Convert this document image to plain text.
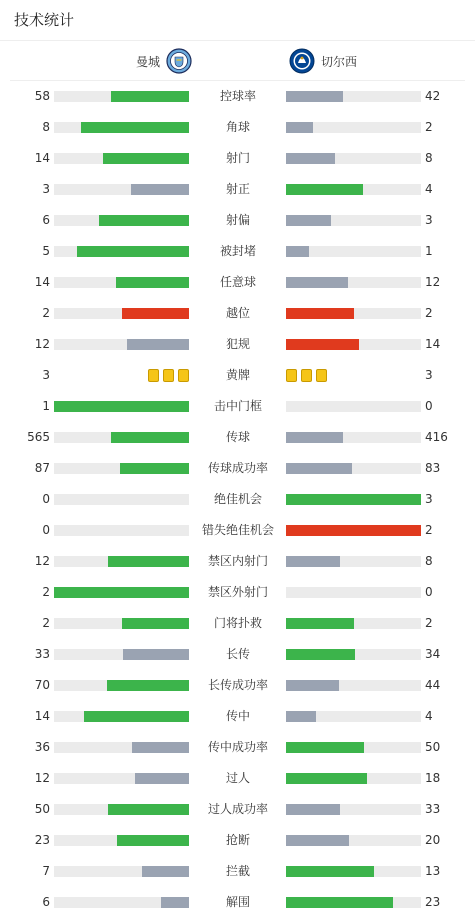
技术统计
曼城	切尔西
58	控球率	42
8	角球	2
14	射门	8
3	射正	4
6	射偏	3
5	被封堵	1
14	任意球	12
2	越位	2
12	犯规	14
3	黄牌	3
1	击中门框	0
565	传球	416
87	传球成功率	83
0	绝佳机会	3
0	错失绝佳机会	2
12	禁区内射门	8
2	禁区外射门	0
2	门将扑救	2
33	长传	34
70	长传成功率	44
14	传中	4
36	传中成功率	50
12	过人	18
50	过人成功率	33
23	抢断	20
7	拦截	13
6	解围	23
